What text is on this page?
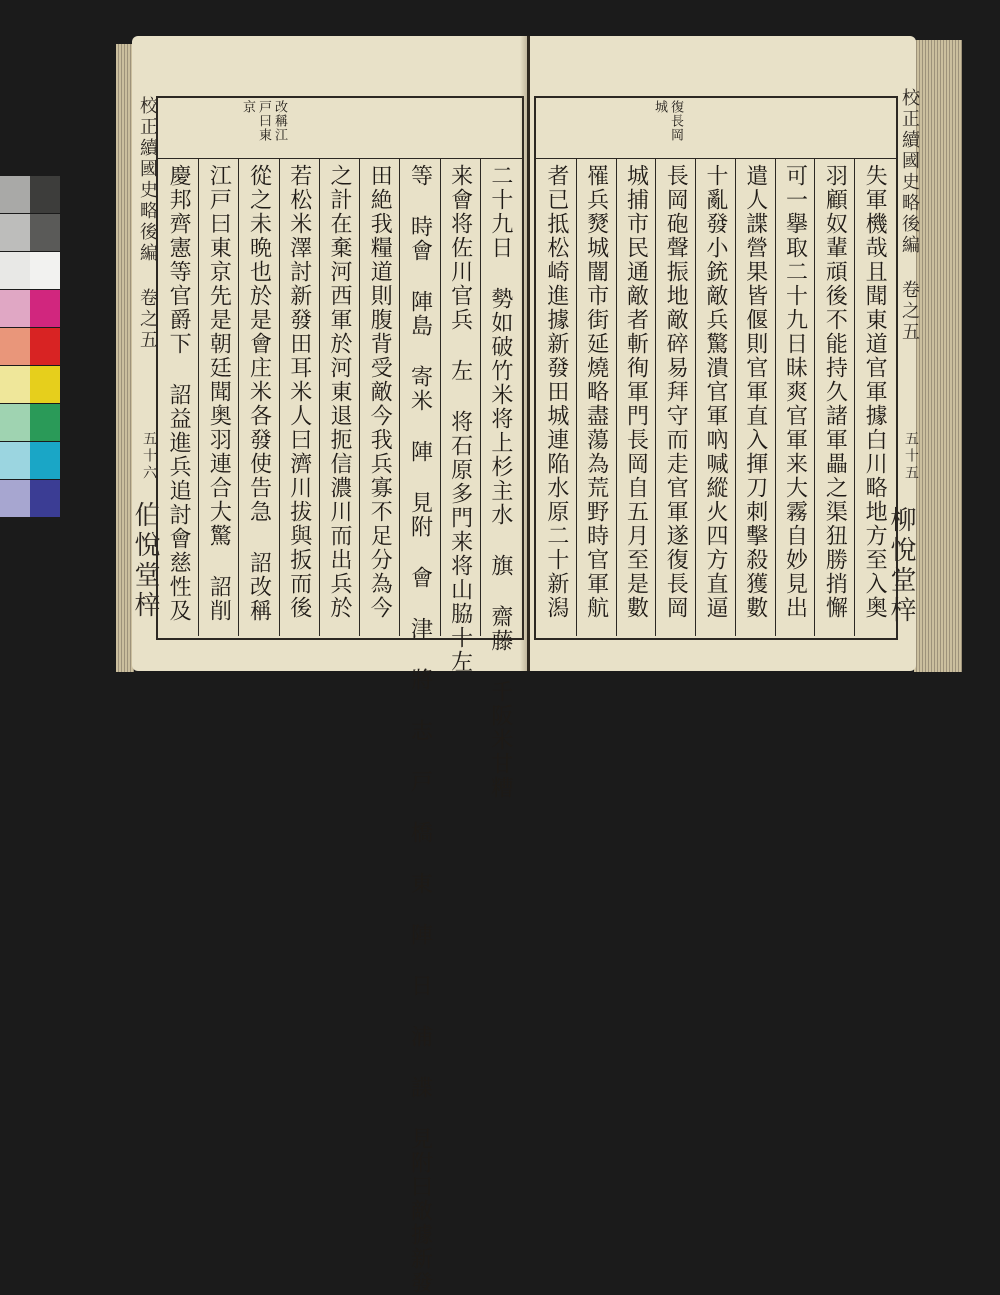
校正續國史略後編 卷之五
五十六
伯悅堂梓
改稱江
戸曰東
京
二十九日 勢如破竹米将上杉主水 旗 齋藤 千阪米甘糟
来會将佐川官兵 左 将石原多門来将山脇十左
等 時會 陣島 寄米 陣 見附 會 津 將 志 戸 橋 東 陣 日 浦 諜 見附曰敵據新發
田絶我糧道則腹背受敵今我兵寡不足分為今
之計在棄河西軍於河東退扼信濃川而出兵於
若松米澤討新發田耳米人曰濟川拔與扳而後
從之未晩也於是會庄米各發使告急 詔改稱
江戸曰東京先是朝廷聞奥羽連合大驚 詔削
慶邦齊憲等官爵下 詔益進兵追討會慈性及
復長岡
城	校正續國史略後編 卷之五
五十五
柳悅堂梓
失軍機哉且聞東道官軍據白川略地方至入奥
羽顧奴輩頑後不能持久諸軍畾之渠狃勝捎懈
可一擧取二十九日昧爽官軍来大霧自妙見出
遣人諜營果皆偃則官軍直入揮刀刺擊殺獲數
十亂發小銃敵兵驚潰官軍吶喊縱火四方直逼
長岡砲聲振地敵碎易拜守而走官軍遂復長岡
城捕市民通敵者斬徇軍門長岡自五月至是數
罹兵燹城闇市街延燒略盡蕩為荒野時官軍航
者已抵松崎進據新發田城連陥水原二十新潟
